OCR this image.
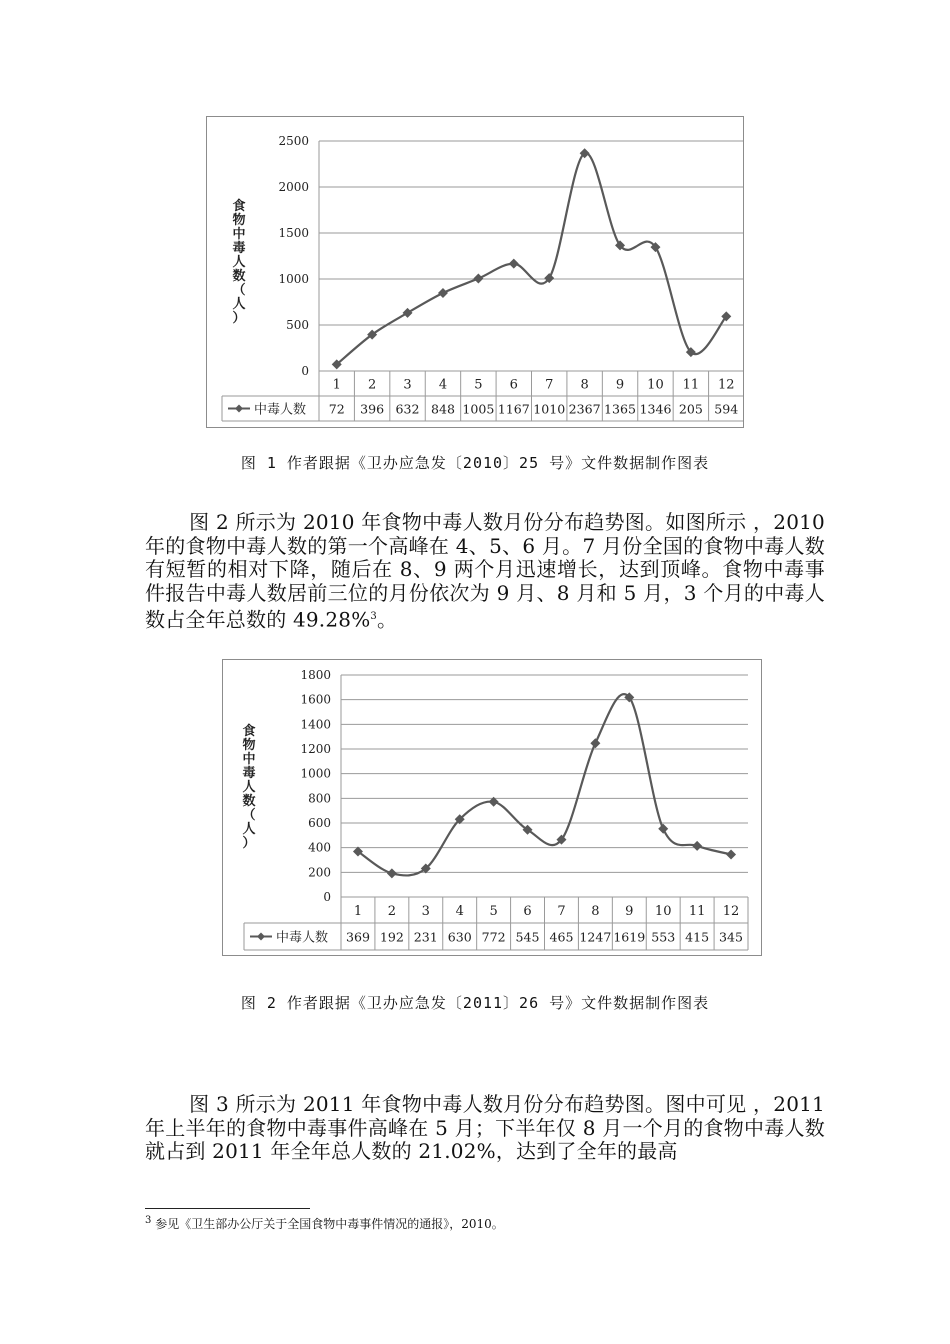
0
500
1000
1500
2000
2500
食物中毒人数（人）
1
72
2
396
3
632
4
848
5
1005
6
1167
7
1010
8
2367
9
1365
10
1346
11
205
12
594
中毒人数
图 1 作者跟据《卫办应急发〔2010〕25 号》文件数据制作图表

图 2 所示为 2010 年食物中毒人数月份分布趋势图。如图所示 ，2010 年的食物中毒人数的第一个高峰在 4、5、6 月。7 月份全国的食物中毒人数有短暂的相对下降，随后在 8、9 两个月迅速增长，达到顶峰。食物中毒事件报告中毒人数居前三位的月份依次为 9 月、8 月和 5 月，3 个月的中毒人数占全年总数的 49.28%$^3$。

0
200
400
600
800
1000
1200
1400
1600
1800
食物中毒人数（人）
1
369
2
192
3
231
4
630
5
772
6
545
7
465
8
1247
9
1619
10
553
11
415
12
345
中毒人数
图 2 作者跟据《卫办应急发〔2011〕26 号》文件数据制作图表

图 3 所示为 2011 年食物中毒人数月份分布趋势图。图中可见 ，2011 年上半年的食物中毒事件高峰在 5 月；下半年仅 8 月一个月的食物中毒人数就占到 2011 年全年总人数的 21.02%，达到了全年的最高

$^3$ 参见《卫生部办公厅关于全国食物中毒事件情况的通报》，2010。
